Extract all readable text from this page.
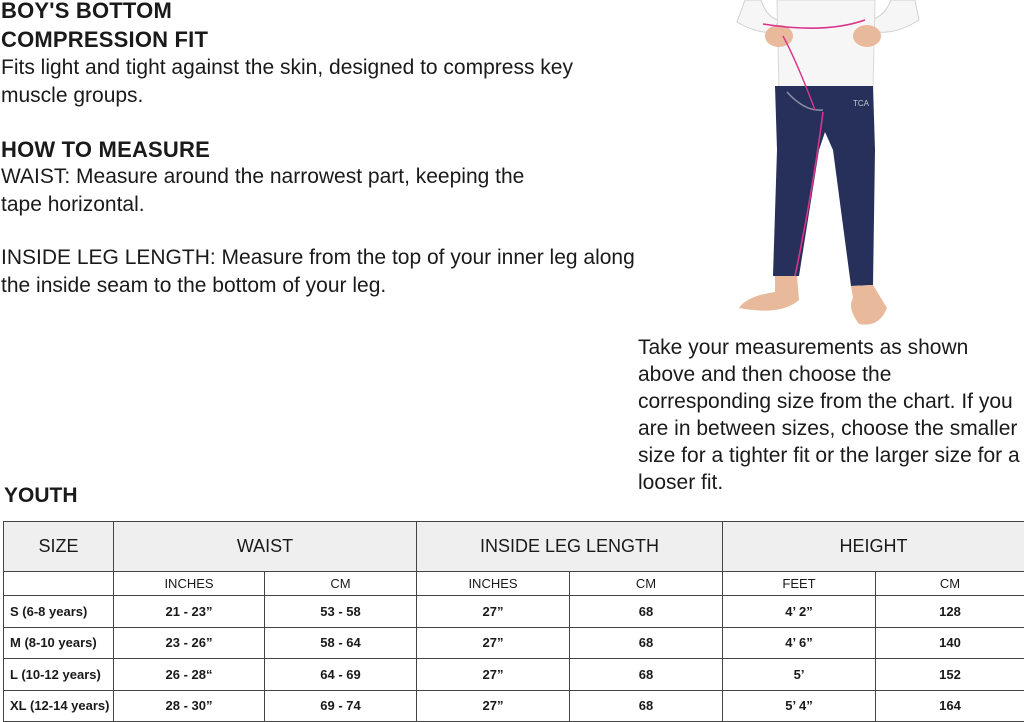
BOY'S BOTTOM
COMPRESSION FIT
Fits light and tight against the skin, designed to compress key muscle groups.
HOW TO MEASURE
WAIST: Measure around the narrowest part, keeping the tape horizontal.
INSIDE LEG LENGTH: Measure from the top of your inner leg along the inside seam to the bottom of your leg.
TCA
Take your measurements as shown above and then choose the corresponding size from the chart. If you are in between sizes, choose the smaller size for a tighter fit or the larger size for a looser fit.
YOUTH
SIZE	WAIST		INSIDE LEG LENGTH		HEIGHT	
	INCHES	CM	INCHES	CM	FEET	CM
S (6-8 years)	21 - 23”	53 - 58	27”	68	4’ 2”	128
M (8-10 years)	23 - 26”	58 - 64	27”	68	4’ 6”	140
L (10-12 years)	26 - 28“	64 - 69	27”	68	5’	152
XL (12-14 years)	28 - 30”	69 - 74	27”	68	5’ 4”	164
